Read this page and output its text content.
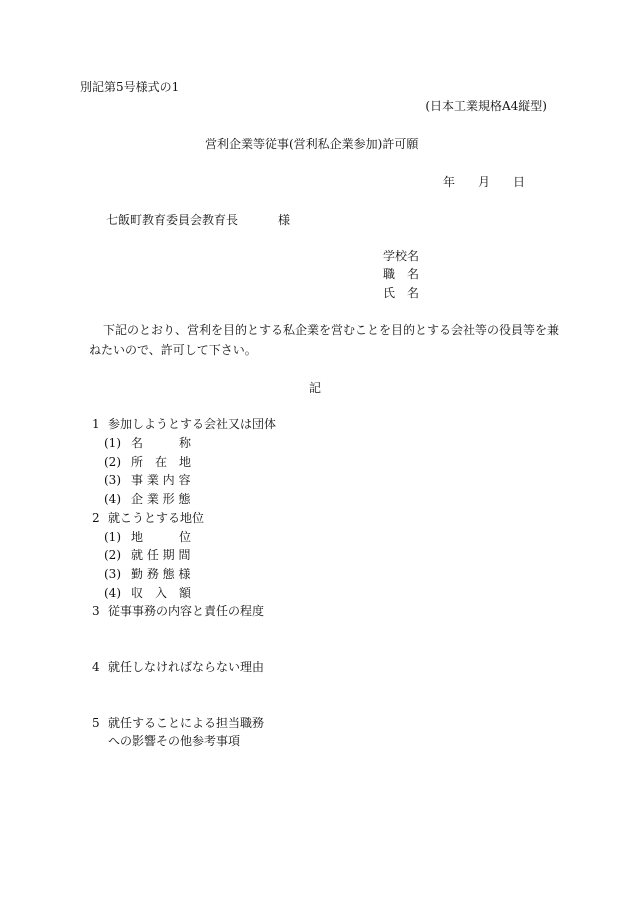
別記第5号様式の1
(日本工業規格A4縦型)
営利企業等従事(営利私企業参加)許可願
年 月 日
七飯町教育委員会教育長	様
学校名
職　名
氏　名
下記のとおり、営利を目的とする私企業を営むことを目的とする会社等の役員等を兼
ねたいので、許可して下さい。
記
1 参加しようとする会社又は団体
(1) 名　　　称
(2) 所　在　地
(3) 事 業 内 容
(4) 企 業 形 態
2 就こうとする地位
(1) 地　　　位
(2) 就 任 期 間
(3) 勤 務 態 様
(4) 収　入　額
3 従事事務の内容と責任の程度
4 就任しなければならない理由
5 就任することによる担当職務
への影響その他参考事項
